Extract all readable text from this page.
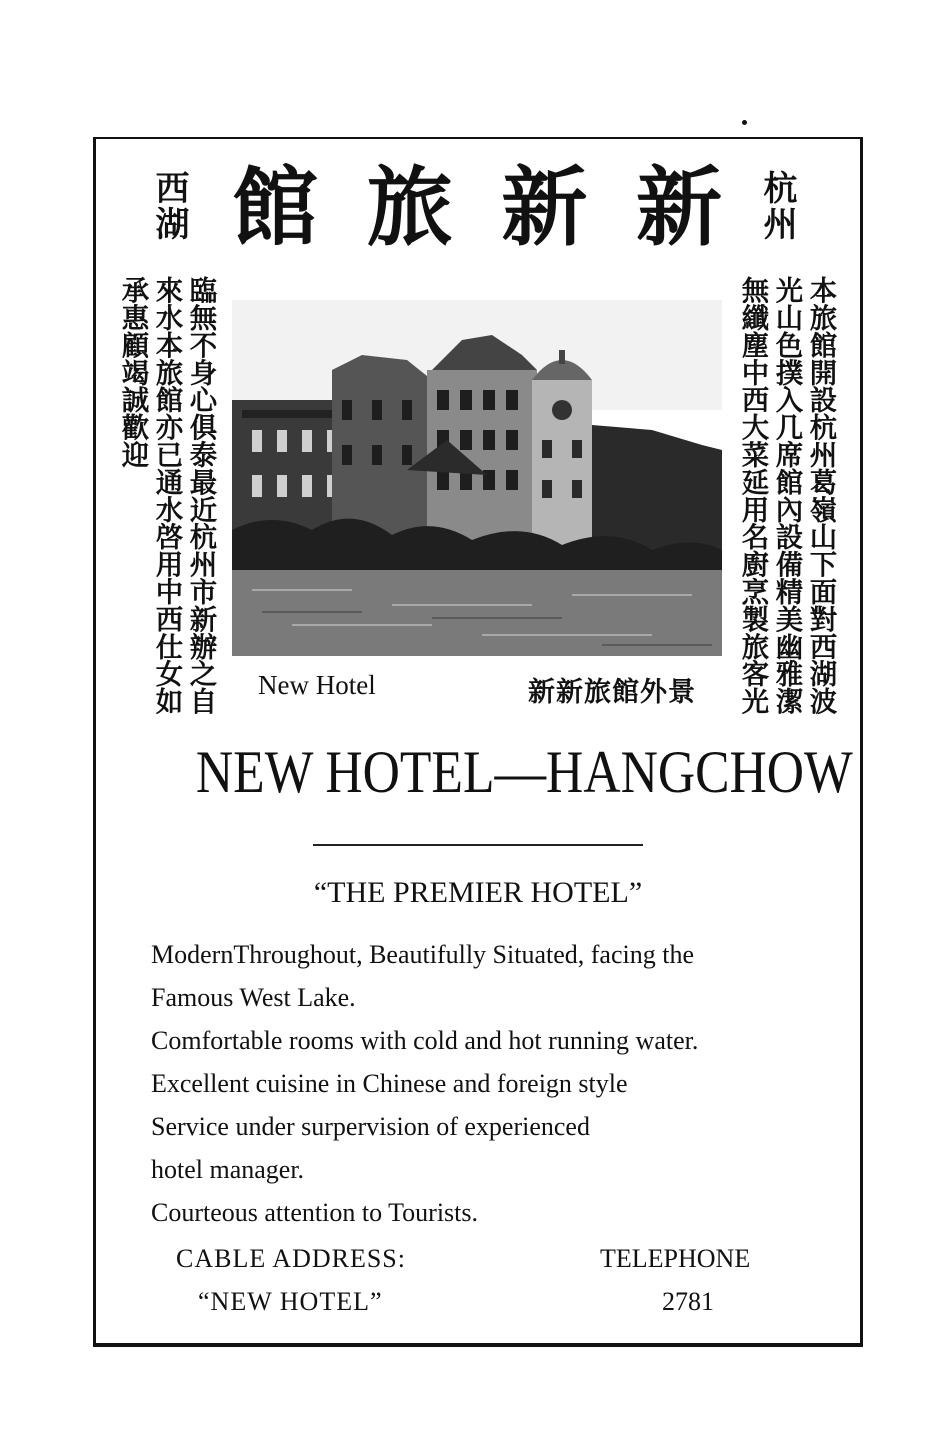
杭州
西湖 館 旅 新 新
本旅館開設杭州葛嶺山下面對西湖波
光山色撲入几席館內設備精美幽雅潔
無纖塵中西大菜延用名廚烹製旅客光
臨無不身心俱泰最近杭州市新辦之自
來水本旅館亦已通水啓用中西仕女如
承惠顧竭誠歡迎
New Hotel	新新旅館外景
NEW HOTEL—HANGCHOW
“THE PREMIER HOTEL”
ModernThroughout, Beautifully Situated, facing the
Famous West Lake.
Comfortable rooms with cold and hot running water.
Excellent cuisine in Chinese and foreign style
Service under surpervision of experienced
hotel manager.
Courteous attention to Tourists.
CABLE ADDRESS:
“NEW HOTEL”
TELEPHONE
2781
